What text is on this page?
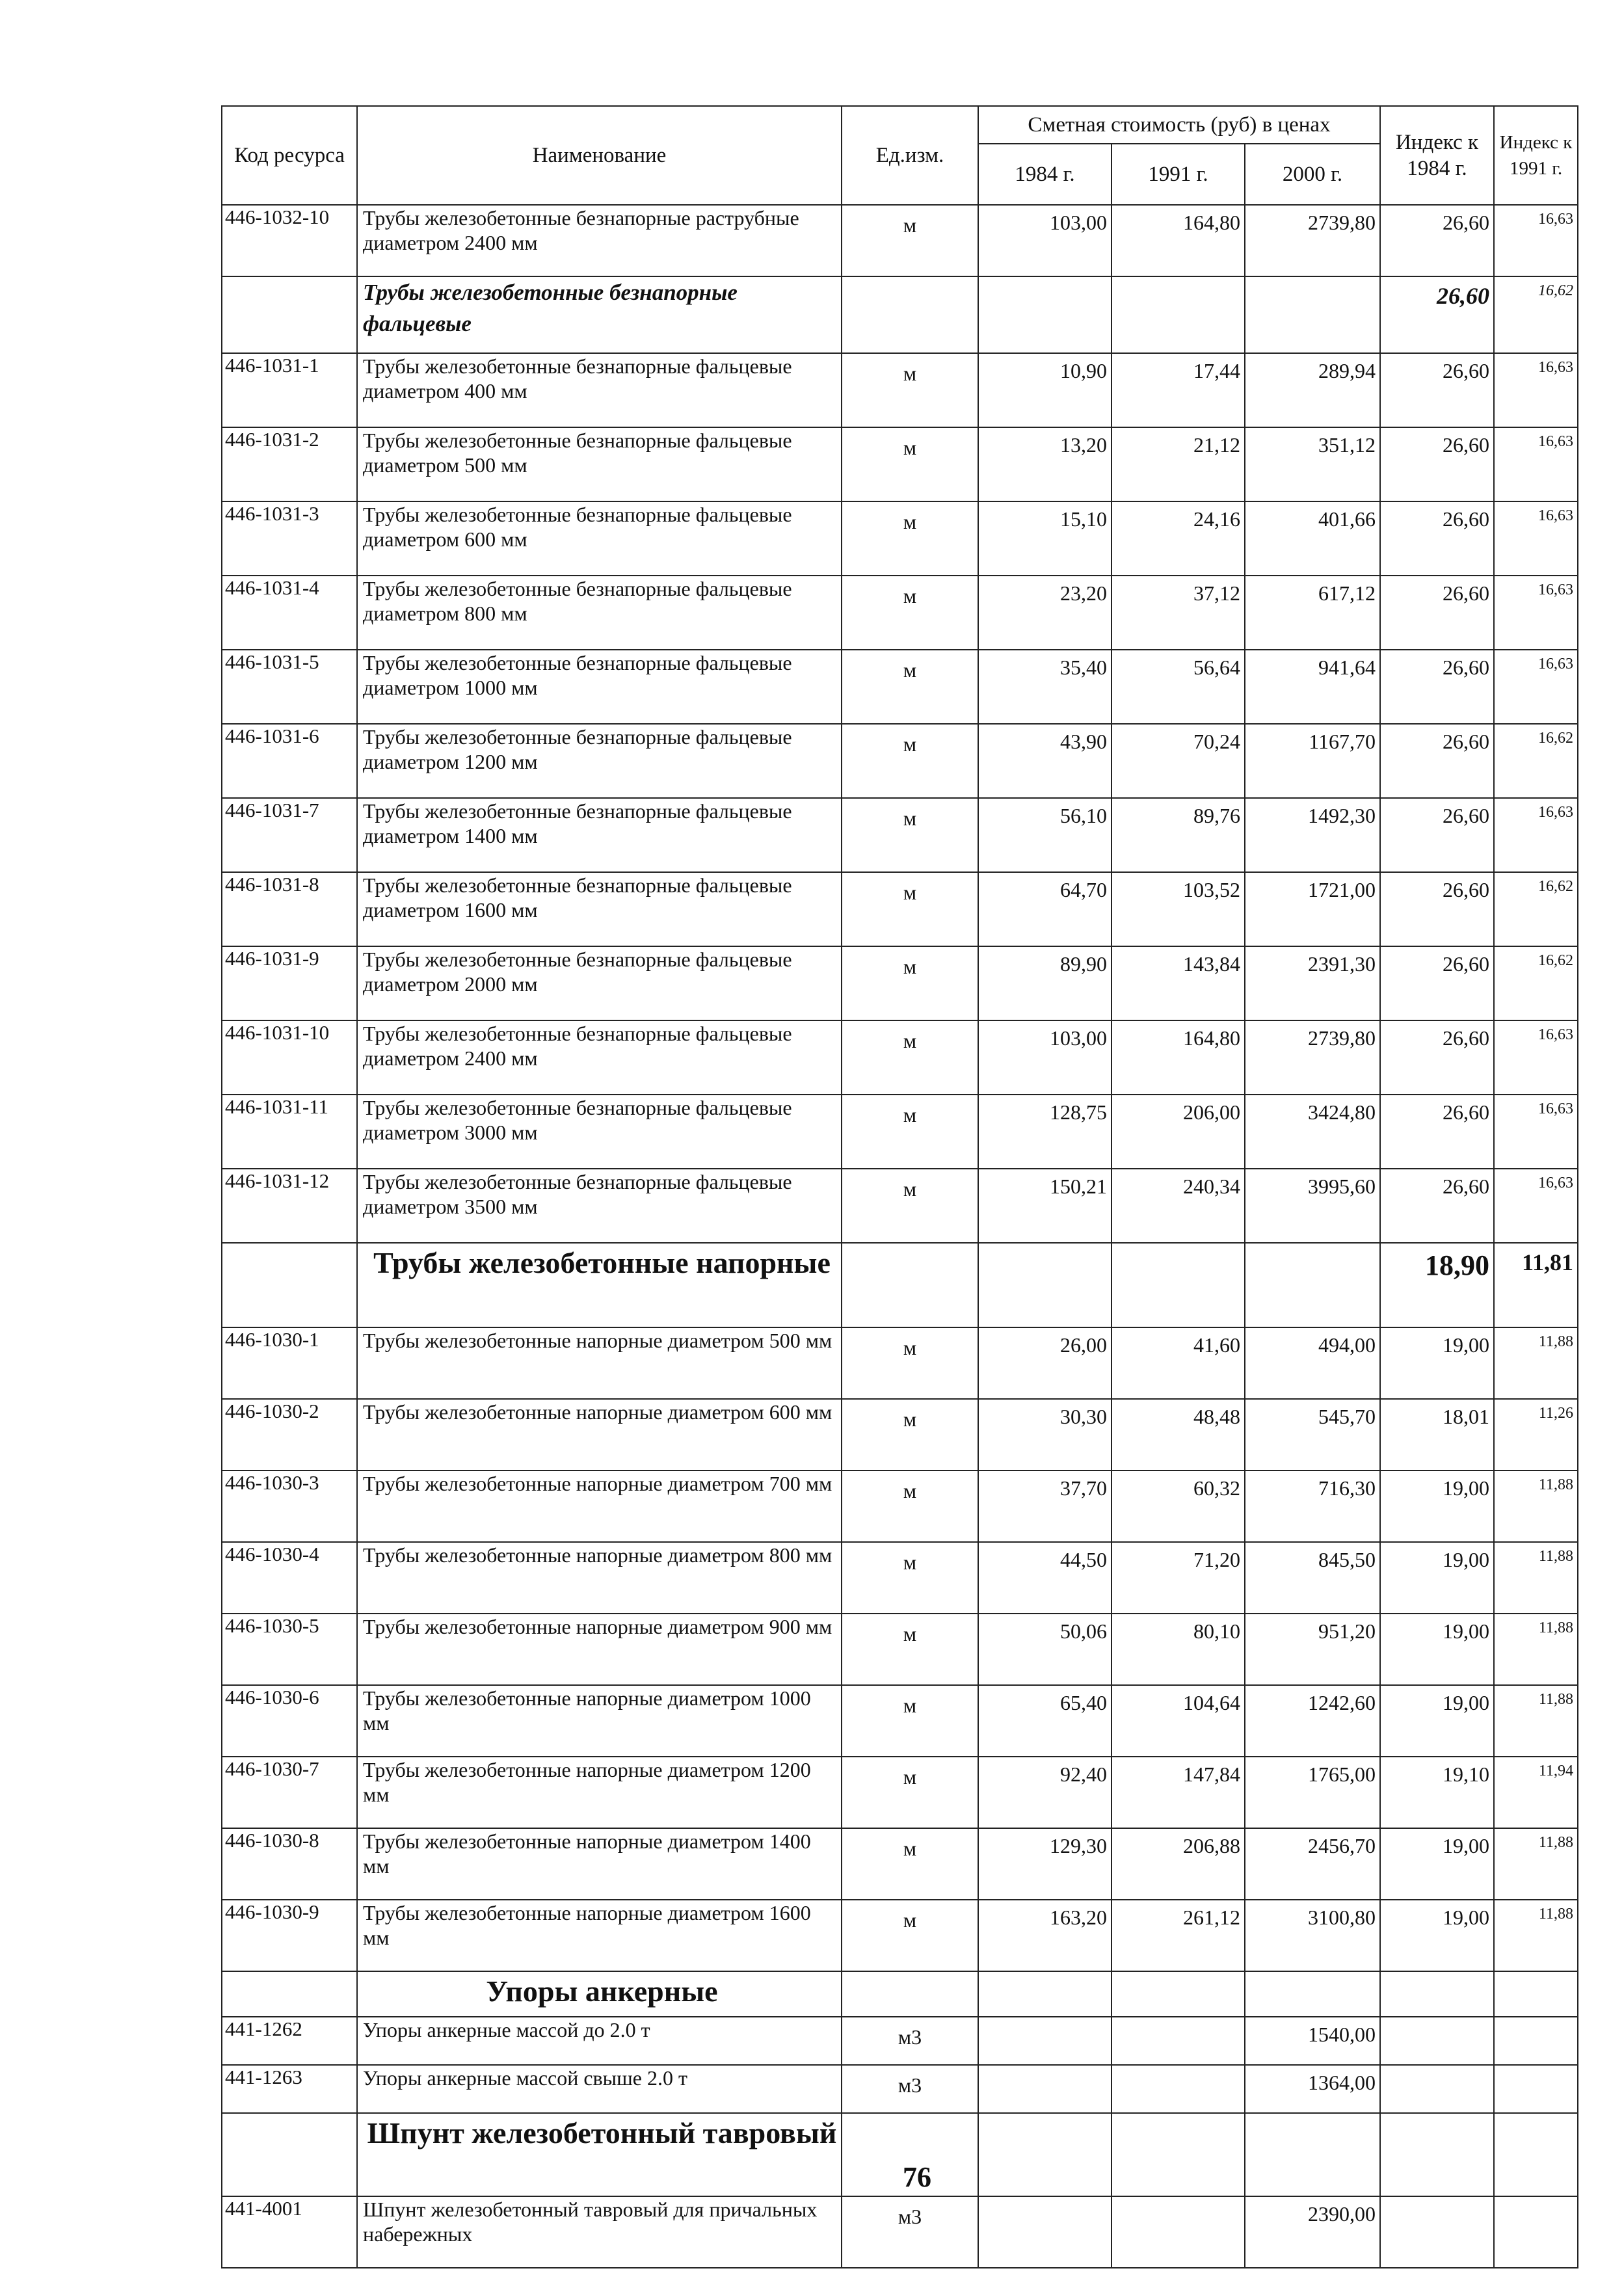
Код ресурса	Наименование	Ед.изм.	Сметная стоимость (руб) в ценах			Индекс к 1984 г.	Индекс к 1991 г.
			1984 г.	1991 г.	2000 г.		
446-1032-10	Трубы железобетонные безнапорные раструбные диаметром 2400 мм	м	103,00	164,80	2739,80	26,60	16,63
	Трубы железобетонные безнапорные фальцевые					26,60	16,62
446-1031-1	Трубы железобетонные безнапорные фальцевые диаметром 400 мм	м	10,90	17,44	289,94	26,60	16,63
446-1031-2	Трубы железобетонные безнапорные фальцевые диаметром 500 мм	м	13,20	21,12	351,12	26,60	16,63
446-1031-3	Трубы железобетонные безнапорные фальцевые диаметром 600 мм	м	15,10	24,16	401,66	26,60	16,63
446-1031-4	Трубы железобетонные безнапорные фальцевые диаметром 800 мм	м	23,20	37,12	617,12	26,60	16,63
446-1031-5	Трубы железобетонные безнапорные фальцевые диаметром 1000 мм	м	35,40	56,64	941,64	26,60	16,63
446-1031-6	Трубы железобетонные безнапорные фальцевые диаметром 1200 мм	м	43,90	70,24	1167,70	26,60	16,62
446-1031-7	Трубы железобетонные безнапорные фальцевые диаметром 1400 мм	м	56,10	89,76	1492,30	26,60	16,63
446-1031-8	Трубы железобетонные безнапорные фальцевые диаметром 1600 мм	м	64,70	103,52	1721,00	26,60	16,62
446-1031-9	Трубы железобетонные безнапорные фальцевые диаметром 2000 мм	м	89,90	143,84	2391,30	26,60	16,62
446-1031-10	Трубы железобетонные безнапорные фальцевые диаметром 2400 мм	м	103,00	164,80	2739,80	26,60	16,63
446-1031-11	Трубы железобетонные безнапорные фальцевые диаметром 3000 мм	м	128,75	206,00	3424,80	26,60	16,63
446-1031-12	Трубы железобетонные безнапорные фальцевые диаметром 3500 мм	м	150,21	240,34	3995,60	26,60	16,63
	Трубы железобетонные напорные					18,90	11,81
446-1030-1	Трубы железобетонные напорные диаметром 500 мм	м	26,00	41,60	494,00	19,00	11,88
446-1030-2	Трубы железобетонные напорные диаметром 600 мм	м	30,30	48,48	545,70	18,01	11,26
446-1030-3	Трубы железобетонные напорные диаметром 700 мм	м	37,70	60,32	716,30	19,00	11,88
446-1030-4	Трубы железобетонные напорные диаметром 800 мм	м	44,50	71,20	845,50	19,00	11,88
446-1030-5	Трубы железобетонные напорные диаметром 900 мм	м	50,06	80,10	951,20	19,00	11,88
446-1030-6	Трубы железобетонные напорные диаметром 1000 мм	м	65,40	104,64	1242,60	19,00	11,88
446-1030-7	Трубы железобетонные напорные диаметром 1200 мм	м	92,40	147,84	1765,00	19,10	11,94
446-1030-8	Трубы железобетонные напорные диаметром 1400 мм	м	129,30	206,88	2456,70	19,00	11,88
446-1030-9	Трубы железобетонные напорные диаметром 1600 мм	м	163,20	261,12	3100,80	19,00	11,88
	Упоры анкерные						
441-1262	Упоры анкерные массой до 2.0 т	м3			1540,00		
441-1263	Упоры анкерные массой свыше 2.0 т	м3			1364,00		
	Шпунт железобетонный тавровый						
441-4001	Шпунт железобетонный тавровый для причальных набережных	м3			2390,00		
76
